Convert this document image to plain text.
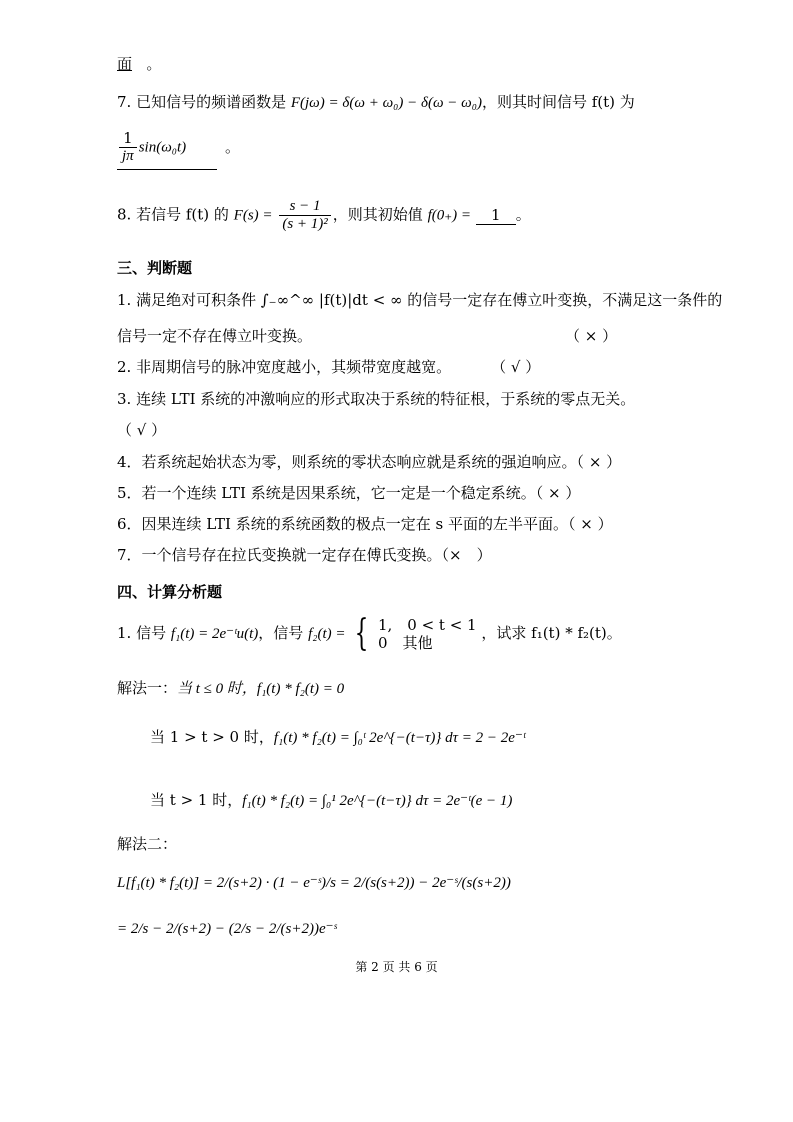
面 。
7. 已知信号的频谱函数是 F(jω) = δ(ω + ω₀) − δ(ω − ω₀)，则其时间信号 f(t) 为
$\frac{1}{j\pi} \sin(\omega_0t)$	。
8. 若信号 f(t) 的 $F(s) = \frac{s - 1}{\text{(s + 1)²}}$ ，则其初始值 f(0₊) = 1 。
三、判断题
1. 满足绝对可积条件 ∫₋∞^∞ |f(t)|dt < ∞ 的信号一定存在傅立叶变换，不满足这一条件的
信号一定不存在傅立叶变换。	（ × ）
2. 非周期信号的脉冲宽度越小，其频带宽度越宽。	（ √ ）
3. 连续 LTI 系统的冲激响应的形式取决于系统的特征根，于系统的零点无关。
（ √ ）
4．若系统起始状态为零，则系统的零状态响应就是系统的强迫响应。（ × ）
5．若一个连续 LTI 系统是因果系统，它一定是一个稳定系统。（ × ）
6．因果连续 LTI 系统的系统函数的极点一定在 s 平面的左半平面。（ × ）
7．一个信号存在拉氏变换就一定存在傅氏变换。（×　）
四、计算分析题
1. 信号 f₁(t) = 2e⁻ᵗu(t)，信号 f₂(t) = { 1,　0 < t < 1
0　其他
，试求 f₁(t) * f₂(t)。
解法一：当 t ≤ 0 时，f₁(t) * f₂(t) = 0
当 1 > t > 0 时，f₁(t) * f₂(t) = ∫₀ᵗ 2e^{−(t−τ)} dτ = 2 − 2e⁻ᵗ
当 t > 1 时，f₁(t) * f₂(t) = ∫₀¹ 2e^{−(t−τ)} dτ = 2e⁻ᵗ(e − 1)
解法二：
L[f₁(t) * f₂(t)] = 2/(s+2) · (1 − e⁻ˢ)/s = 2/(s(s+2)) − 2e⁻ˢ/(s(s+2))
= 2/s − 2/(s+2) − (2/s − 2/(s+2))e⁻ˢ
第 2 页 共 6 页
